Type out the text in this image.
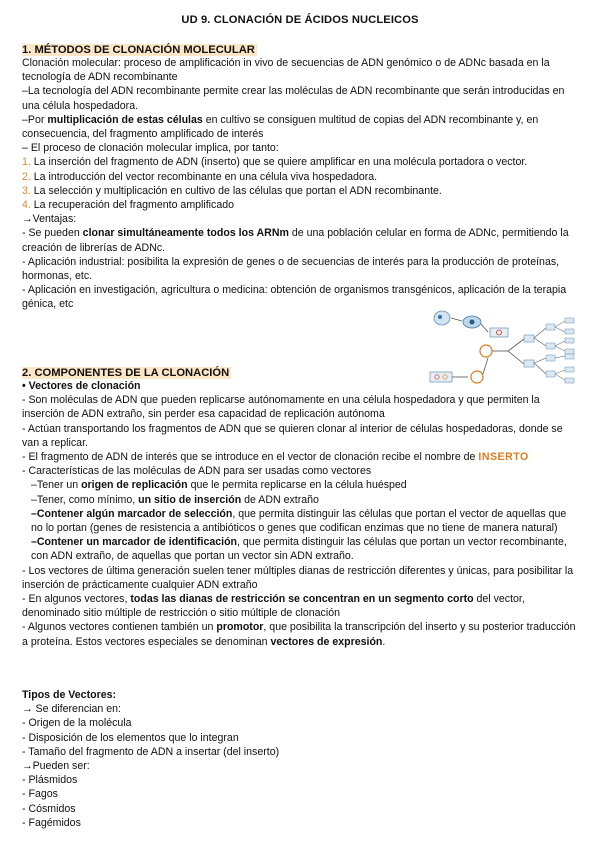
UD 9. CLONACIÓN DE ÁCIDOS NUCLEICOS
1. MÉTODOS DE CLONACIÓN MOLECULAR

Clonación molecular: proceso de amplificación in vivo de secuencias de ADN genómico o de ADNc basada en la tecnología de ADN recombinante

–La tecnología del ADN recombinante permite crear las moléculas de ADN recombinante que serán introducidas en una célula hospedadora.

–Por multiplicación de estas células en cultivo se consiguen multitud de copias del ADN recombinante y, en consecuencia, del fragmento amplificado de interés

– El proceso de clonación molecular implica, por tanto:

1. La inserción del fragmento de ADN (inserto) que se quiere amplificar en una molécula portadora o vector.

2. La introducción del vector recombinante en una célula viva hospedadora.

3. La selección y multiplicación en cultivo de las células que portan el ADN recombinante.

4. La recuperación del fragmento amplificado

→Ventajas:

- Se pueden clonar simultáneamente todos los ARNm de una población celular en forma de ADNc, permitiendo la creación de librerías de ADNc.

- Aplicación industrial: posibilita la expresión de genes o de secuencias de interés para la producción de proteínas, hormonas, etc.

- Aplicación en investigación, agricultura o medicina: obtención de organismos transgénicos, aplicación de la terapia génica, etc

2. COMPONENTES DE LA CLONACIÓN

• Vectores de clonación

- Son moléculas de ADN que pueden replicarse autónomamente en una célula hospedadora y que permiten la inserción de ADN extraño, sin perder esa capacidad de replicación autónoma

- Actúan transportando los fragmentos de ADN que se quieren clonar al interior de células hospedadoras, donde se van a replicar.

- El fragmento de ADN de interés que se introduce en el vector de clonación recibe el nombre de INSERTO

- Características de las moléculas de ADN para ser usadas como vectores

–Tener un origen de replicación que le permita replicarse en la célula huésped

–Tener, como mínimo, un sitio de inserción de ADN extraño

–Contener algún marcador de selección, que permita distinguir las células que portan el vector de aquellas que no lo portan (genes de resistencia a antibióticos o genes que codifican enzimas que no tiene de manera natural)

–Contener un marcador de identificación, que permita distinguir las células que portan un vector recombinante, con ADN extraño, de aquellas que portan un vector sin ADN extraño.

- Los vectores de última generación suelen tener múltiples dianas de restricción diferentes y únicas, para posibilitar la inserción de prácticamente cualquier ADN extraño

- En algunos vectores, todas las dianas de restricción se concentran en un segmento corto del vector, denominado sitio múltiple de restricción o sitio múltiple de clonación

- Algunos vectores contienen también un promotor, que posibilita la transcripción del inserto y su posterior traducción a proteína. Estos vectores especiales se denominan vectores de expresión.

Tipos de Vectores:

→ Se diferencian en:

- Origen de la molécula

- Disposición de los elementos que lo integran

- Tamaño del fragmento de ADN a insertar (del inserto)

→Pueden ser:

- Plásmidos

- Fagos

- Cósmidos

- Fagémidos
